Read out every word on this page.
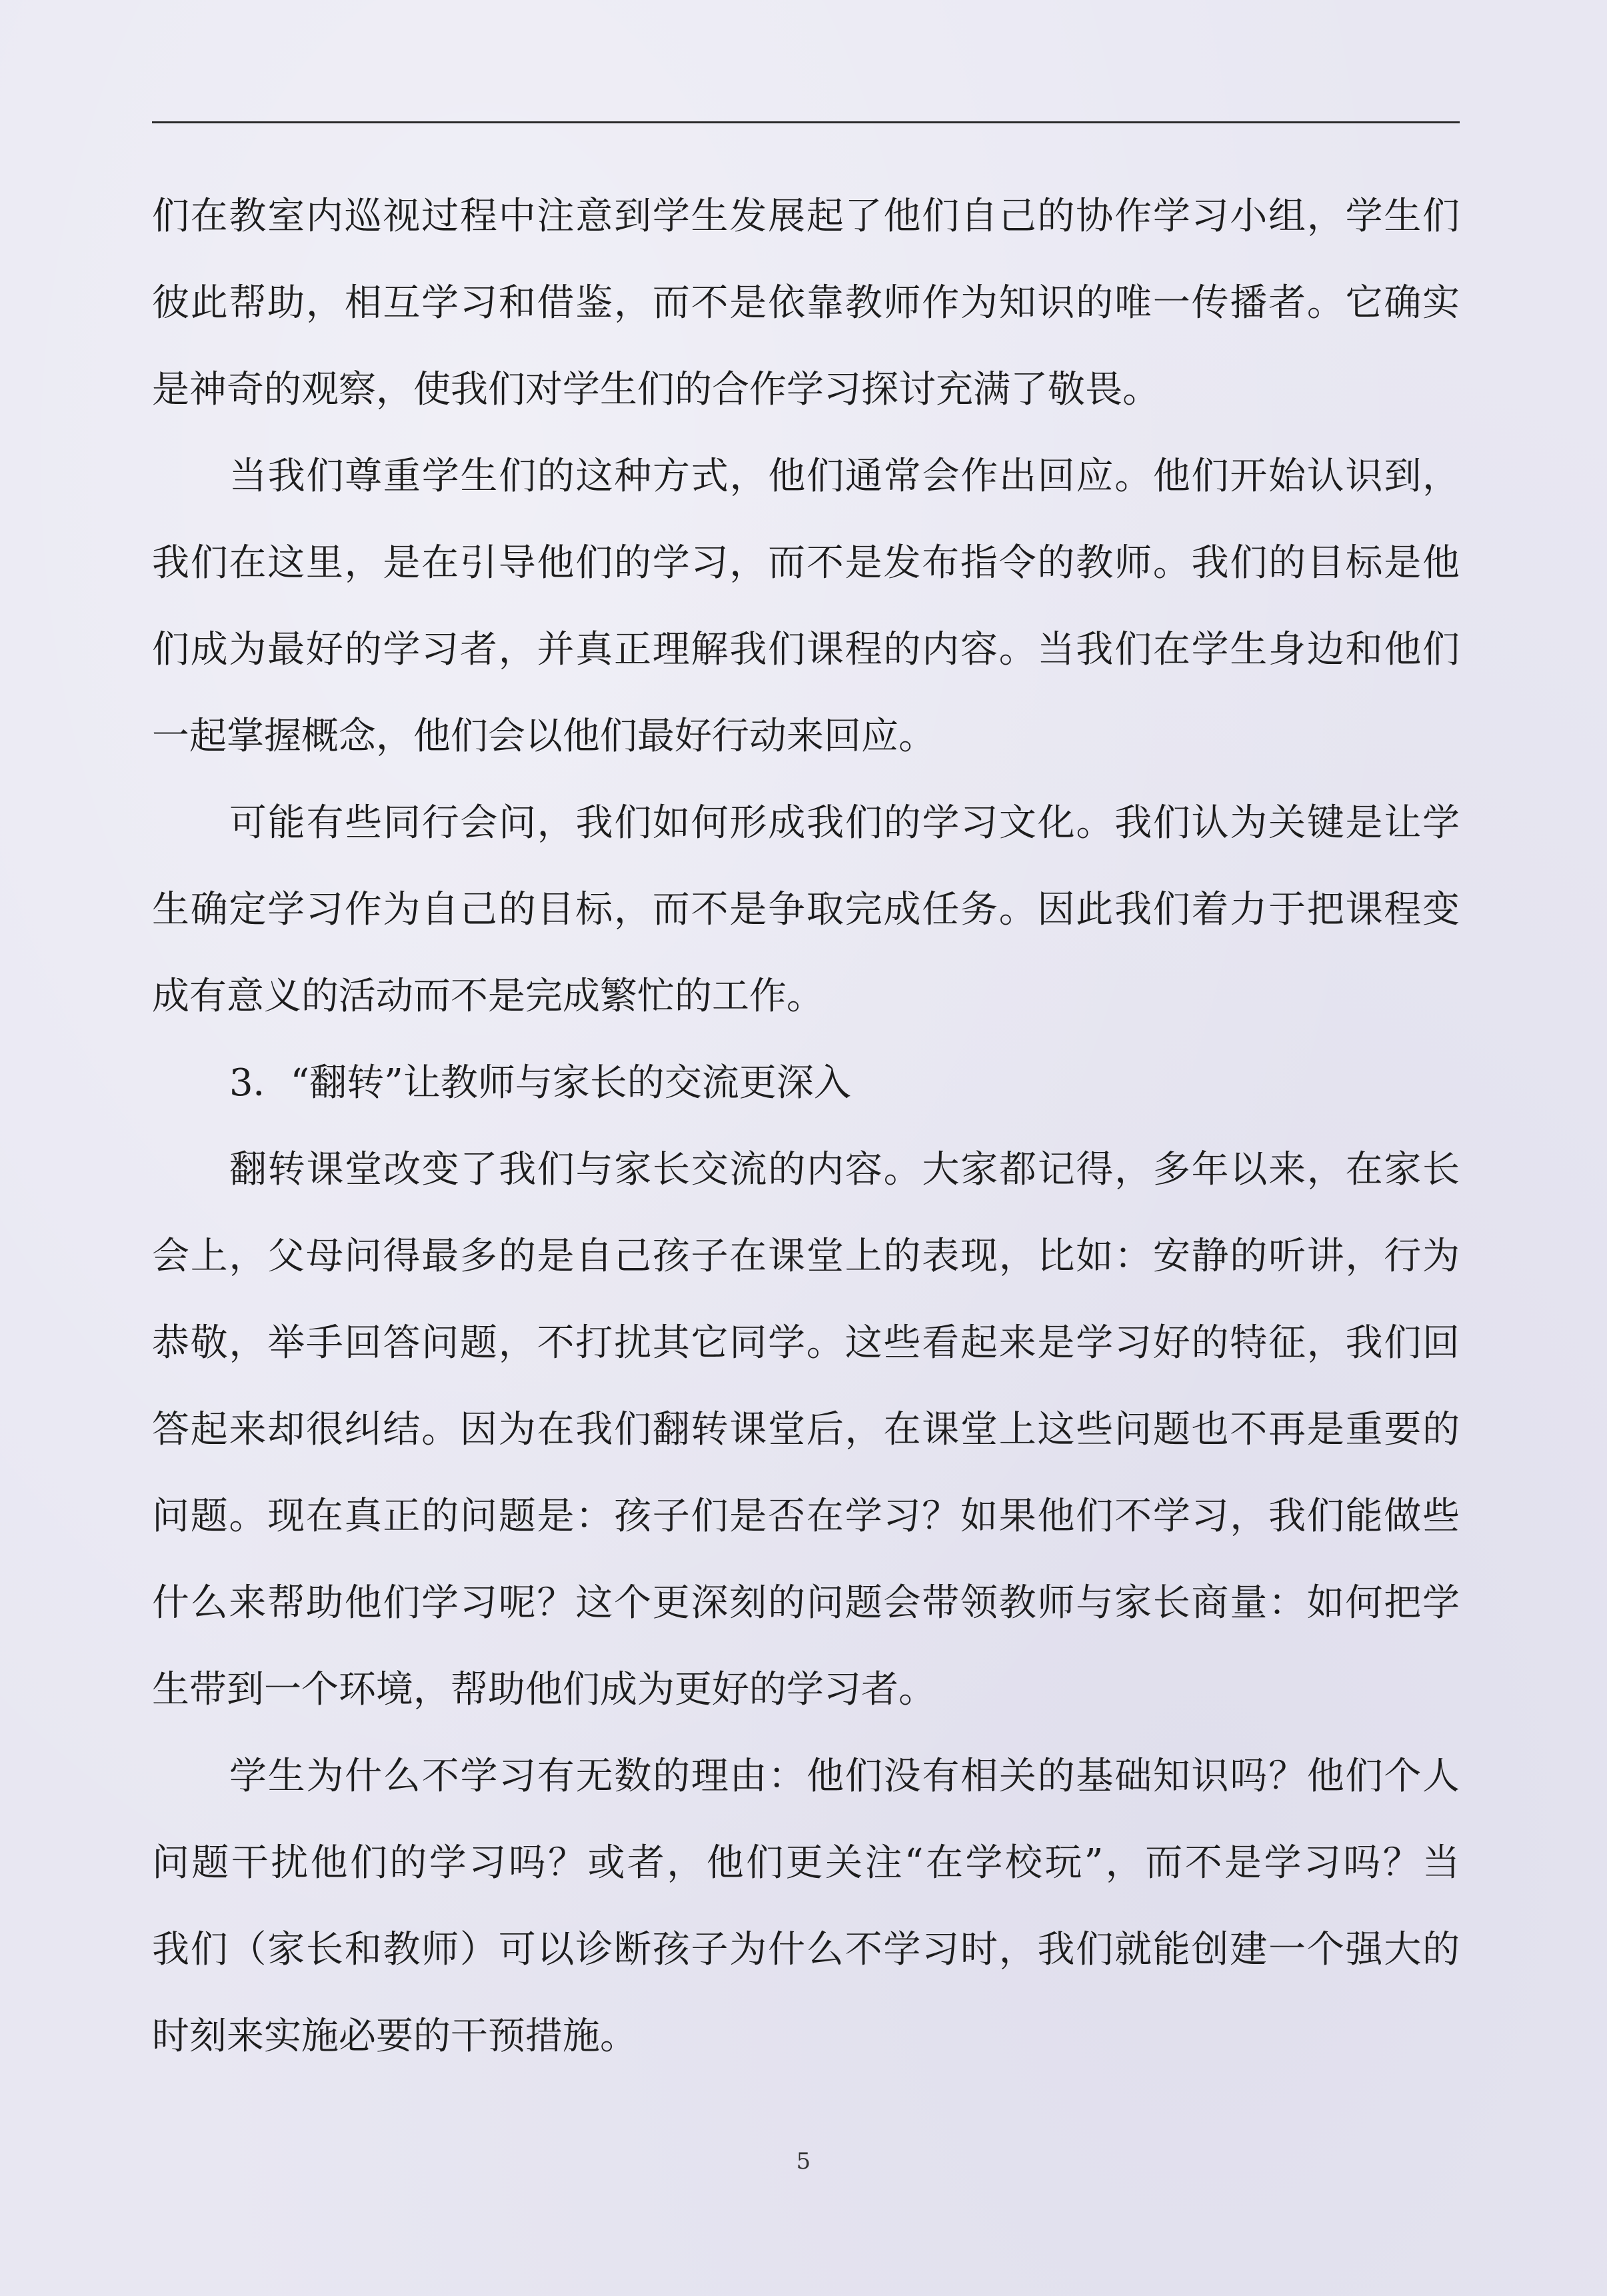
们在教室内巡视过程中注意到学生发展起了他们自己的协作学习小组，学生们
彼此帮助，相互学习和借鉴，而不是依靠教师作为知识的唯一传播者。它确实
是神奇的观察，使我们对学生们的合作学习探讨充满了敬畏。
当我们尊重学生们的这种方式，他们通常会作出回应。他们开始认识到，
我们在这里，是在引导他们的学习，而不是发布指令的教师。我们的目标是他
们成为最好的学习者，并真正理解我们课程的内容。当我们在学生身边和他们
一起掌握概念，他们会以他们最好行动来回应。
可能有些同行会问，我们如何形成我们的学习文化。我们认为关键是让学
生确定学习作为自己的目标，而不是争取完成任务。因此我们着力于把课程变
成有意义的活动而不是完成繁忙的工作。
3．“翻转”让教师与家长的交流更深入
翻转课堂改变了我们与家长交流的内容。大家都记得，多年以来，在家长
会上，父母问得最多的是自己孩子在课堂上的表现，比如：安静的听讲，行为
恭敬，举手回答问题，不打扰其它同学。这些看起来是学习好的特征，我们回
答起来却很纠结。因为在我们翻转课堂后，在课堂上这些问题也不再是重要的
问题。现在真正的问题是：孩子们是否在学习？如果他们不学习，我们能做些
什么来帮助他们学习呢？这个更深刻的问题会带领教师与家长商量：如何把学
生带到一个环境，帮助他们成为更好的学习者。
学生为什么不学习有无数的理由：他们没有相关的基础知识吗？他们个人
问题干扰他们的学习吗？或者，他们更关注“在学校玩”，而不是学习吗？当
我们（家长和教师）可以诊断孩子为什么不学习时，我们就能创建一个强大的
时刻来实施必要的干预措施。
5
